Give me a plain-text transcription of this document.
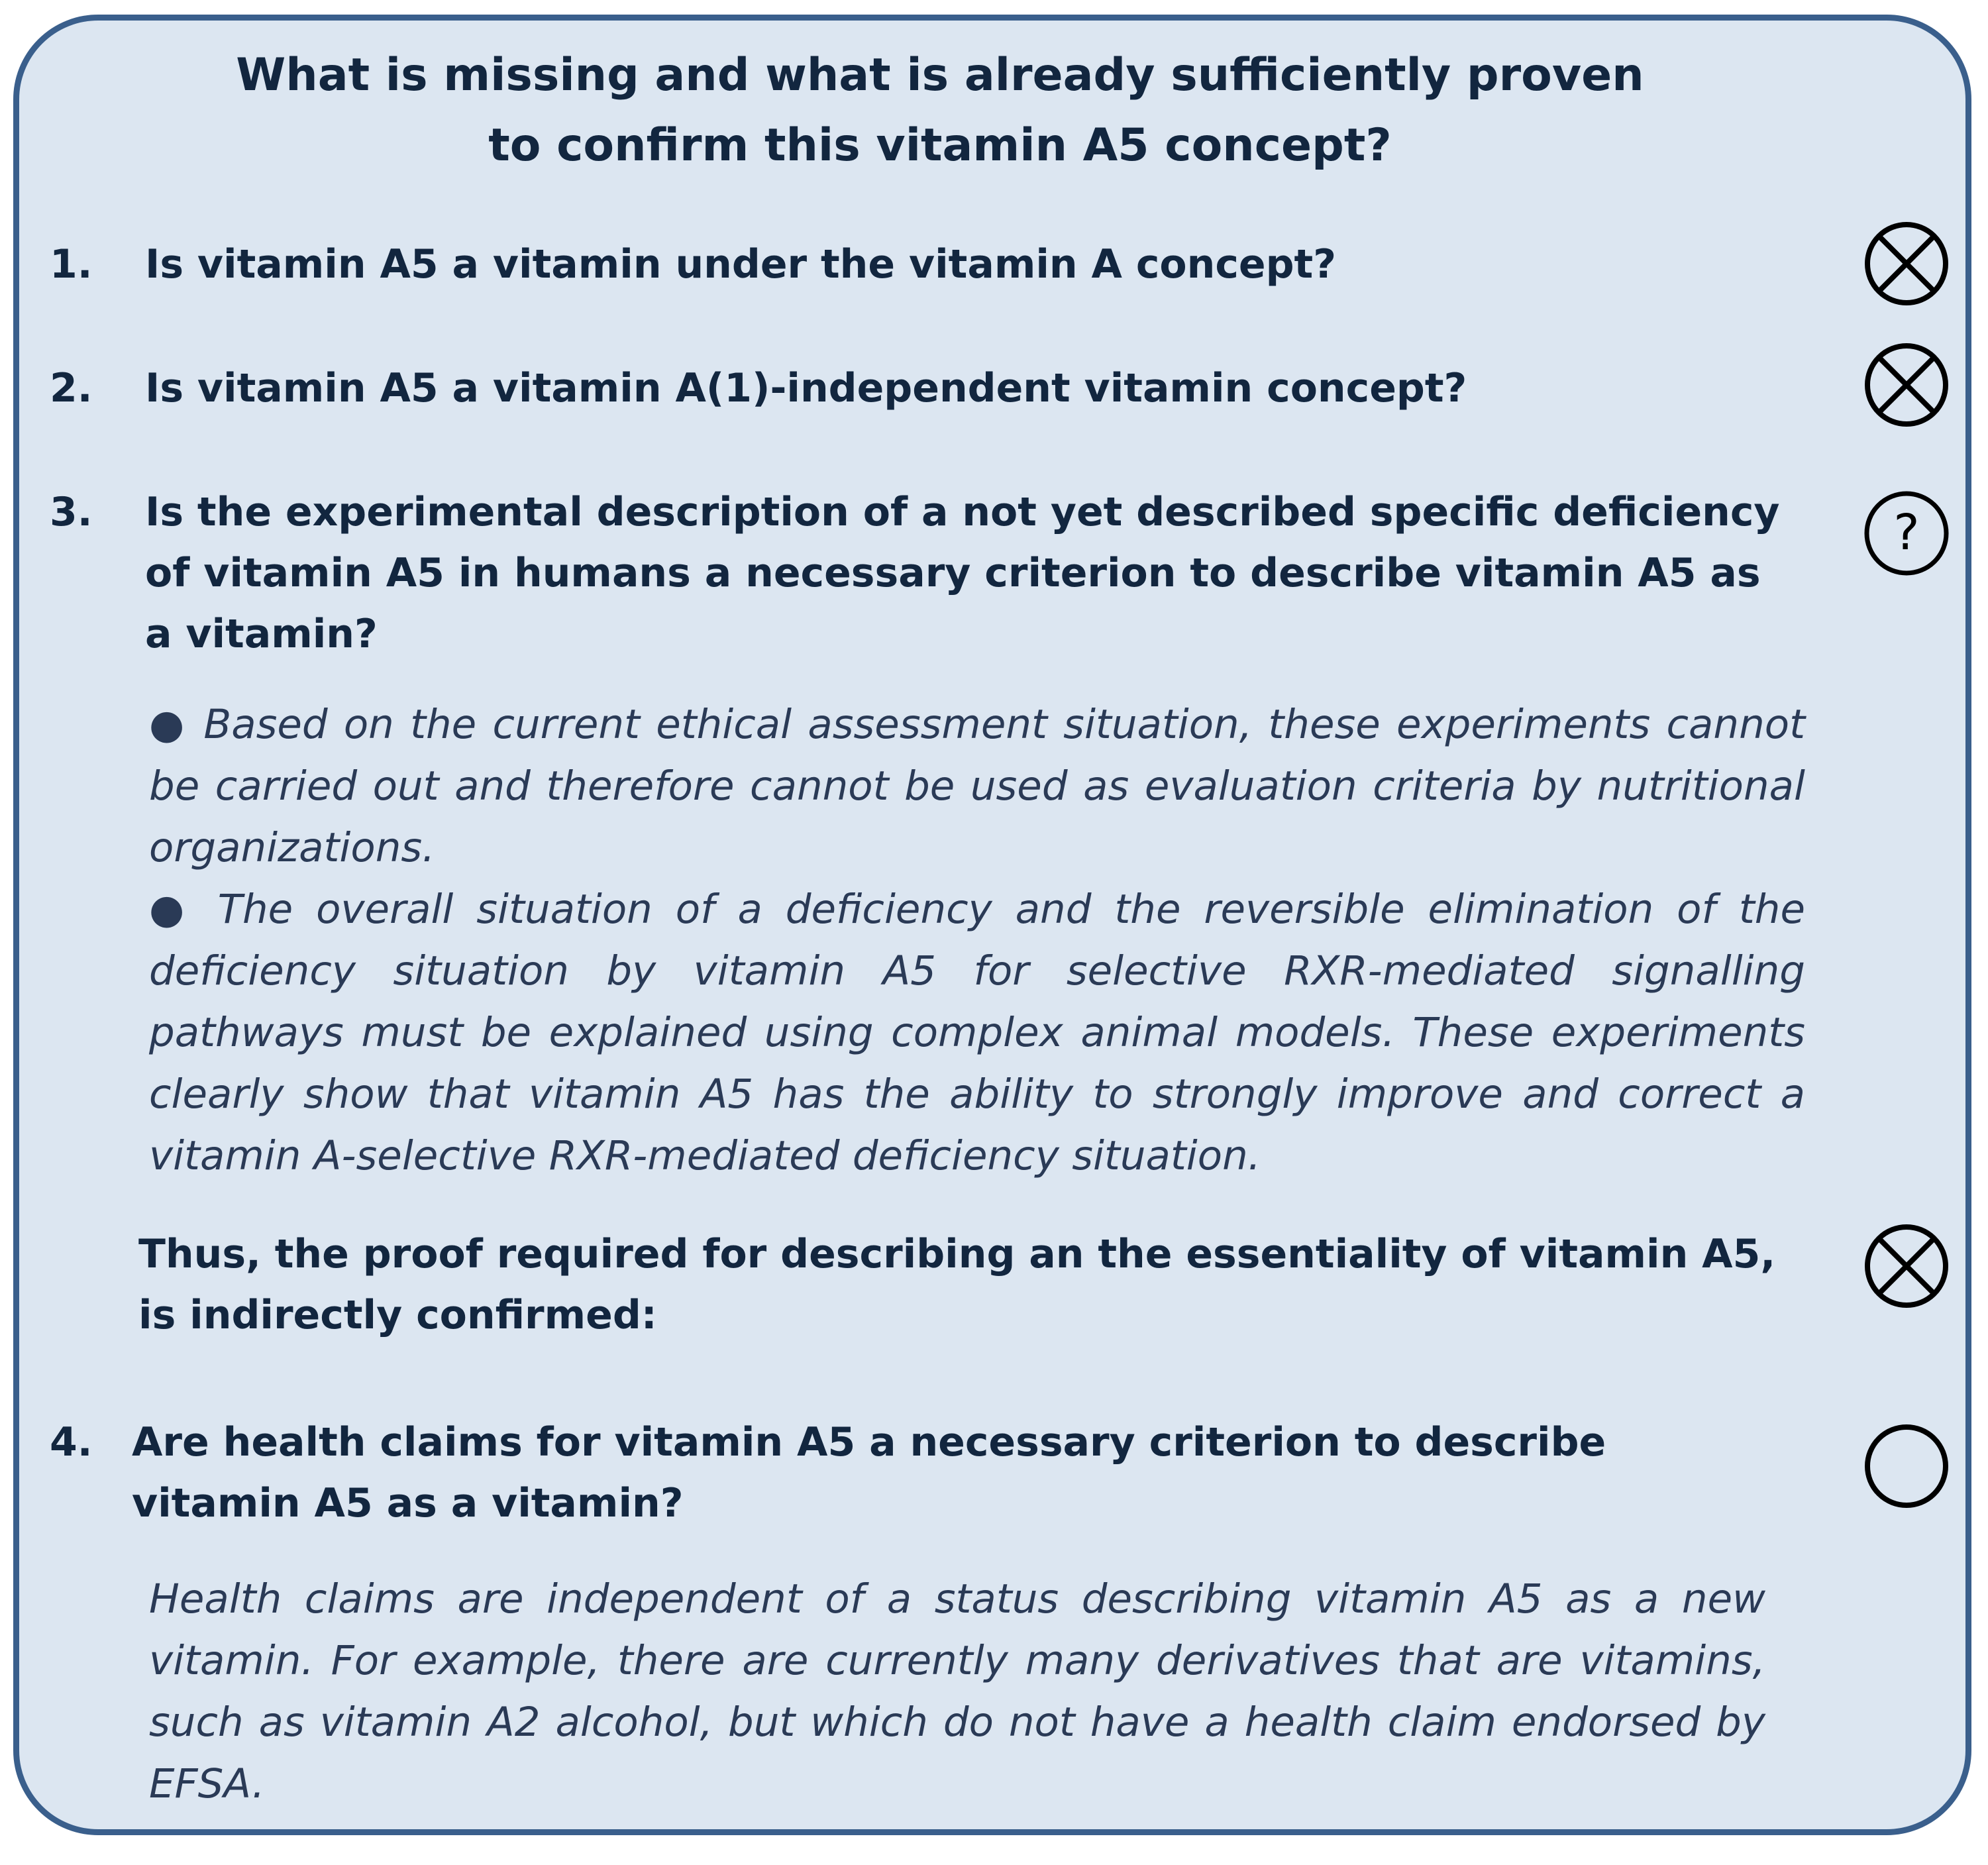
What is missing and what is already sufficiently proven
to confirm this vitamin A5 concept?
1. Is vitamin A5 a vitamin under the vitamin A concept?
2. Is vitamin A5 a vitamin A(1)-independent vitamin concept?
3. Is the experimental description of a not yet described specific deficiency of vitamin A5 in humans a necessary criterion to describe vitamin A5 as a vitamin?
?

● Based on the current ethical assessment situation, these experiments cannot be carried out and therefore cannot be used as evaluation criteria by nutritional organizations.

● The overall situation of a deficiency and the reversible elimination of the deficiency situation by vitamin A5 for selective RXR-mediated signalling pathways must be explained using complex animal models. These experiments clearly show that vitamin A5 has the ability to strongly improve and correct a vitamin A-selective RXR-mediated deficiency situation.

Thus, the proof required for describing an the essentiality of vitamin A5, is indirectly confirmed:
4. Are health claims for vitamin A5 a necessary criterion to describe vitamin A5 as a vitamin?
Health claims are independent of a status describing vitamin A5 as a new vitamin. For example, there are currently many derivatives that are vitamins, such as vitamin A2 alcohol, but which do not have a health claim endorsed by EFSA.
